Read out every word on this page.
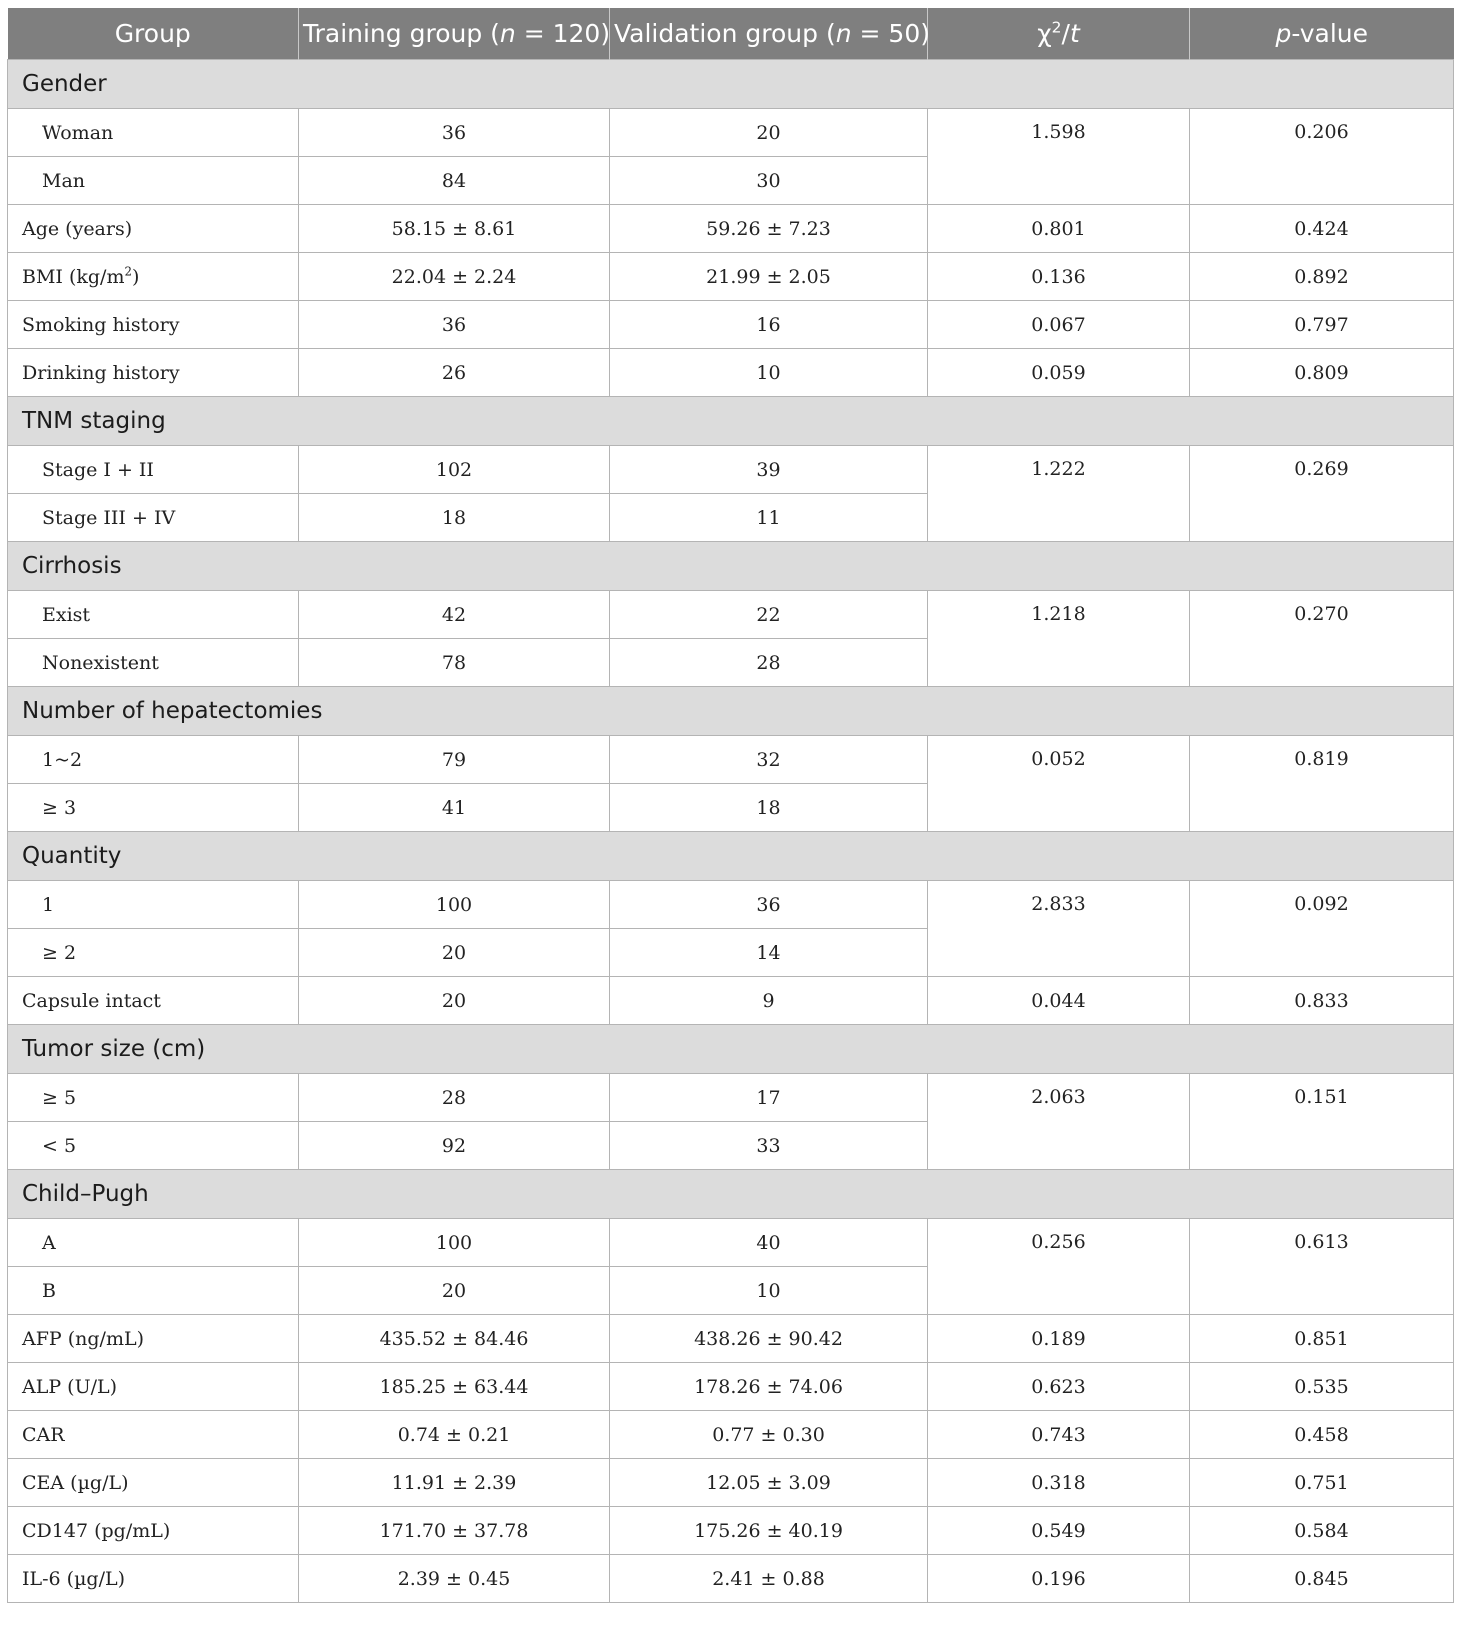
Group	Training group (n = 120)	Validation group (n = 50)	$\chi^2/t$	p-value
Gender				
Woman	36	20	1.598	0.206
Man	84	30		
Age (years)	58.15 ± 8.61	59.26 ± 7.23	0.801	0.424
BMI $(kg/m^2)$	22.04 ± 2.24	21.99 ± 2.05	0.136	0.892
Smoking history	36	16	0.067	0.797
Drinking history	26	10	0.059	0.809
TNM staging				
Stage I + II	102	39	1.222	0.269
Stage III + IV	18	11		
Cirrhosis				
Exist	42	22	1.218	0.270
Nonexistent	78	28		
Number of hepatectomies				
1~2	79	32	0.052	0.819
≥ 3	41	18		
Quantity				
1	100	36	2.833	0.092
≥ 2	20	14		
Capsule intact	20	9	0.044	0.833
Tumor size (cm)				
≥ 5	28	17	2.063	0.151
< 5	92	33		
Child–Pugh				
A	100	40	0.256	0.613
B	20	10		
AFP (ng/mL)	435.52 ± 84.46	438.26 ± 90.42	0.189	0.851
ALP (U/L)	185.25 ± 63.44	178.26 ± 74.06	0.623	0.535
CAR	0.74 ± 0.21	0.77 ± 0.30	0.743	0.458
CEA (µg/L)	11.91 ± 2.39	12.05 ± 3.09	0.318	0.751
CD147 (pg/mL)	171.70 ± 37.78	175.26 ± 40.19	0.549	0.584
IL-6 (µg/L)	2.39 ± 0.45	2.41 ± 0.88	0.196	0.845
